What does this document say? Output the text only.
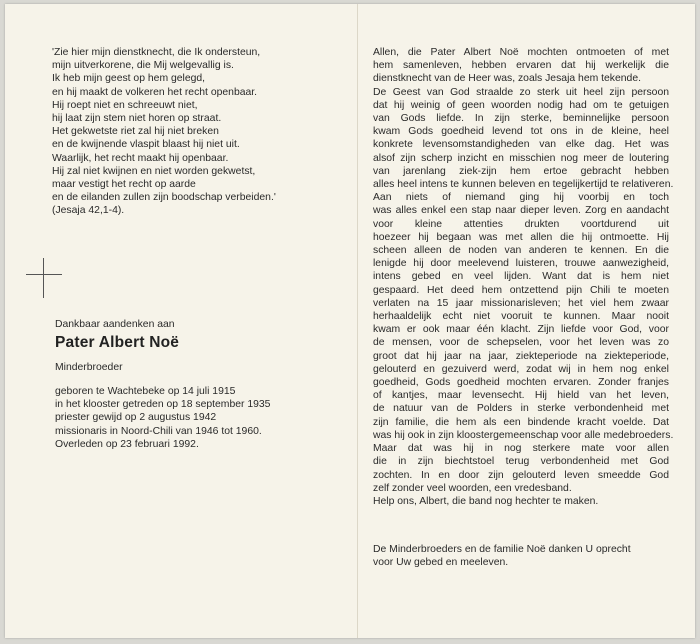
'Zie hier mijn dienstknecht, die Ik ondersteun,
mijn uitverkorene, die Mij welgevallig is.
Ik heb mijn geest op hem gelegd,
en hij maakt de volkeren het recht openbaar.
Hij roept niet en schreeuwt niet,
hij laat zijn stem niet horen op straat.
Het gekwetste riet zal hij niet breken
en de kwijnende vlaspit blaast hij niet uit.
Waarlijk, het recht maakt hij openbaar.
Hij zal niet kwijnen en niet worden gekwetst,
maar vestigt het recht op aarde
en de eilanden zullen zijn boodschap verbeiden.'
(Jesaja 42,1-4).
Dankbaar aandenken aan
Pater Albert Noë
Minderbroeder
geboren te Wachtebeke op 14 juli 1915
in het klooster getreden op 18 september 1935
priester gewijd op 2 augustus 1942
missionaris in Noord-Chili van 1946 tot 1960.
Overleden op 23 februari 1992.
Allen, die Pater Albert Noë mochten ontmoeten of met
hem samenleven, hebben ervaren dat hij werkelijk die
dienstknecht van de Heer was, zoals Jesaja hem tekende.
De Geest van God straalde zo sterk uit heel zijn persoon
dat hij weinig of geen woorden nodig had om te getuigen
van Gods liefde. In zijn sterke, beminnelijke persoon
kwam Gods goedheid levend tot ons in de kleine, heel
konkrete levensomstandigheden van elke dag. Het was
alsof zijn scherp inzicht en misschien nog meer de loutering
van jarenlang ziek-zijn hem ertoe gebracht hebben
alles heel intens te kunnen beleven en tegelijkertijd te relativeren.
Aan niets of niemand ging hij voorbij en toch
was alles enkel een stap naar dieper leven. Zorg en aandacht
voor kleine attenties drukten voortdurend uit
hoezeer hij begaan was met allen die hij ontmoette. Hij
scheen alleen de noden van anderen te kennen. En die
lenigde hij door meelevend luisteren, trouwe aanwezigheid,
intens gebed en veel lijden. Want dat is hem niet
gespaard. Het deed hem ontzettend pijn Chili te moeten
verlaten na 15 jaar missionarisleven; het viel hem zwaar
herhaaldelijk echt niet vooruit te kunnen. Maar nooit
kwam er ook maar één klacht. Zijn liefde voor God, voor
de mensen, voor de schepselen, voor het leven was zo
groot dat hij jaar na jaar, ziekteperiode na ziekteperiode,
gelouterd en gezuiverd werd, zodat wij in hem nog enkel
goedheid, Gods goedheid mochten ervaren. Zonder franjes
of kantjes, maar levensecht. Hij hield van het leven,
de natuur van de Polders in sterke verbondenheid met
zijn familie, die hem als een bindende kracht voelde. Dat
was hij ook in zijn kloostergemeenschap voor alle medebroeders.
Maar dat was hij in nog sterkere mate voor allen
die in zijn biechtstoel terug verbondenheid met God
zochten. In en door zijn gelouterd leven smeedde God
zelf zonder veel woorden, een vredesband.
Help ons, Albert, die band nog hechter te maken.
De Minderbroeders en de familie Noë danken U oprecht
voor Uw gebed en meeleven.
